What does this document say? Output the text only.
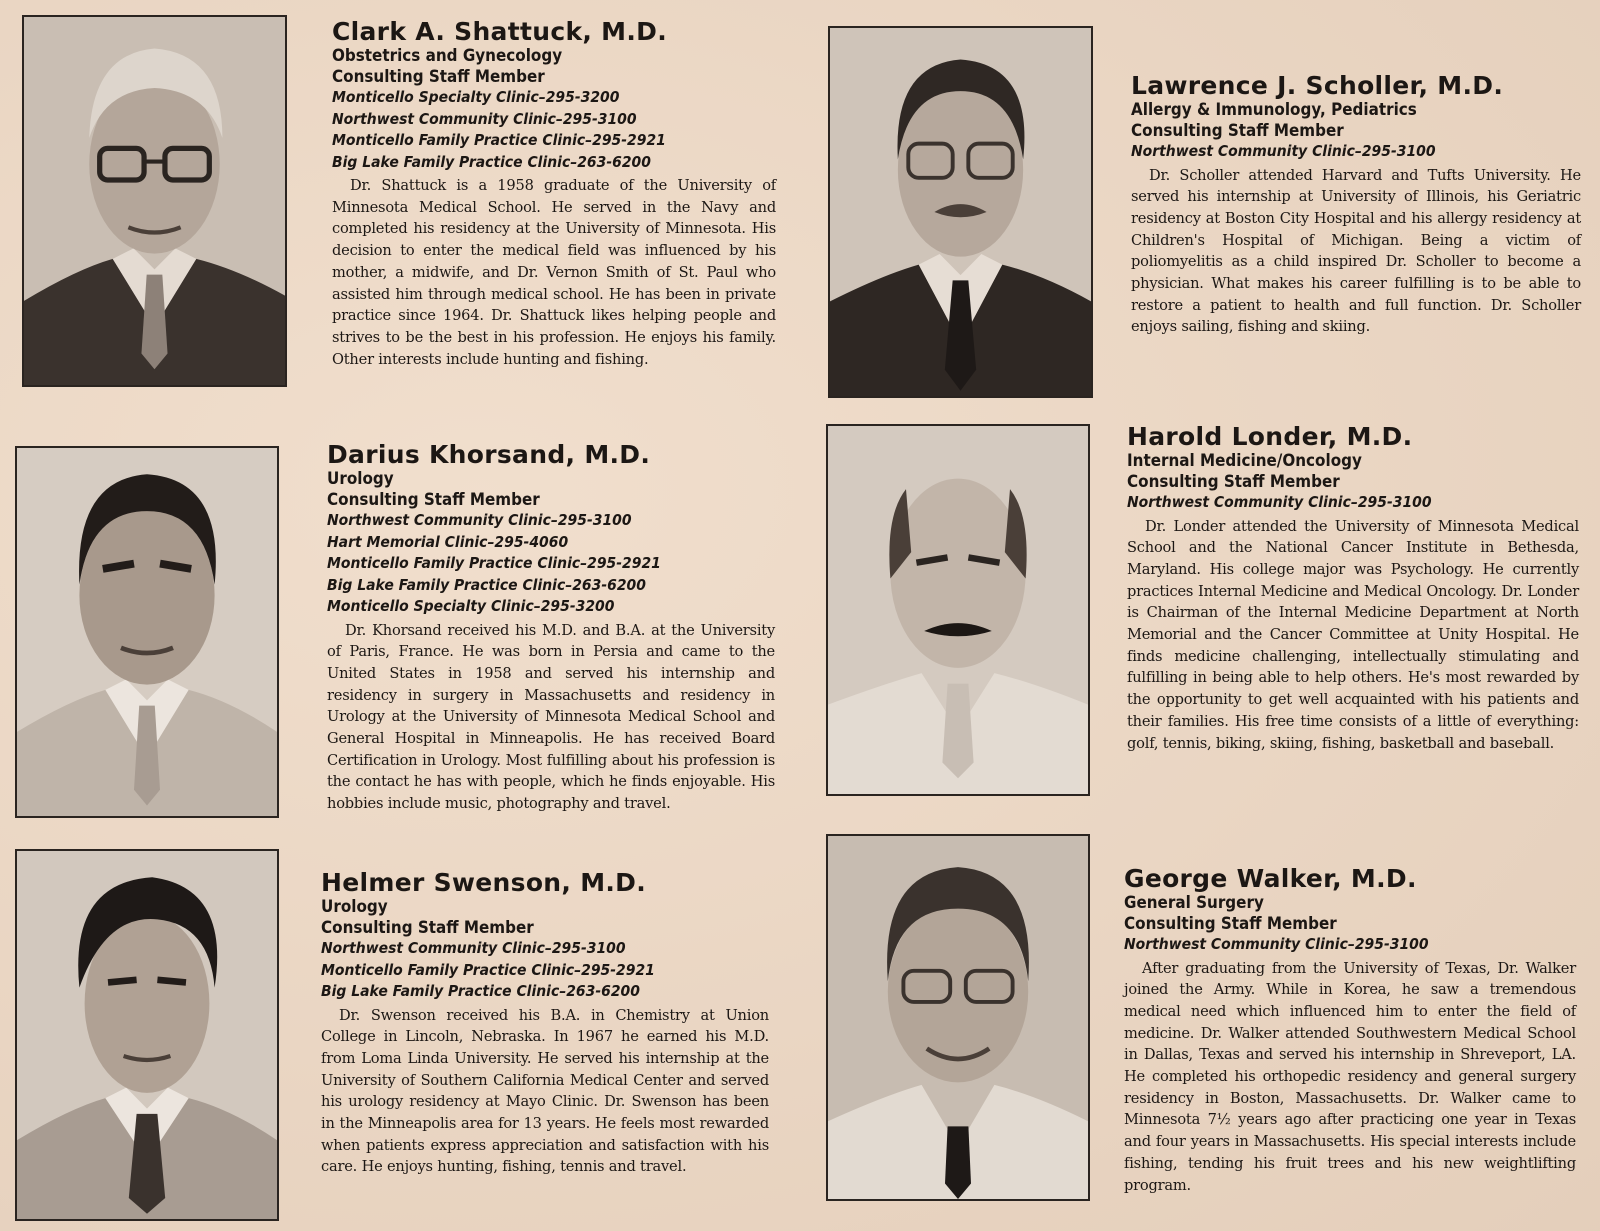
Clark A. Shattuck, M.D.
Obstetrics and Gynecology
Consulting Staff Member
Monticello Specialty Clinic–295-3200
Northwest Community Clinic–295-3100
Monticello Family Practice Clinic–295-2921
Big Lake Family Practice Clinic–263-6200
Dr. Shattuck is a 1958 graduate of the University of Minnesota Medical School. He served in the Navy and completed his residency at the University of Minnesota. His decision to enter the medical field was influenced by his mother, a midwife, and Dr. Vernon Smith of St. Paul who assisted him through medical school. He has been in private practice since 1964. Dr. Shattuck likes helping people and strives to be the best in his profession. He enjoys his family. Other interests include hunting and fishing.
Lawrence J. Scholler, M.D.
Allergy & Immunology, Pediatrics
Consulting Staff Member
Northwest Community Clinic–295-3100
Dr. Scholler attended Harvard and Tufts University. He served his internship at University of Illinois, his Geriatric residency at Boston City Hospital and his allergy residency at Children's Hospital of Michigan. Being a victim of poliomyelitis as a child inspired Dr. Scholler to become a physician. What makes his career fulfilling is to be able to restore a patient to health and full function. Dr. Scholler enjoys sailing, fishing and skiing.
Darius Khorsand, M.D.
Urology
Consulting Staff Member
Northwest Community Clinic–295-3100
Hart Memorial Clinic–295-4060
Monticello Family Practice Clinic–295-2921
Big Lake Family Practice Clinic–263-6200
Monticello Specialty Clinic–295-3200
Dr. Khorsand received his M.D. and B.A. at the University of Paris, France. He was born in Persia and came to the United States in 1958 and served his internship and residency in surgery in Massachusetts and residency in Urology at the University of Minnesota Medical School and General Hospital in Minneapolis. He has received Board Certification in Urology. Most fulfilling about his profession is the contact he has with people, which he finds enjoyable. His hobbies include music, photography and travel.
Harold Londer, M.D.
Internal Medicine/Oncology
Consulting Staff Member
Northwest Community Clinic–295-3100
Dr. Londer attended the University of Minnesota Medical School and the National Cancer Institute in Bethesda, Maryland. His college major was Psychology. He currently practices Internal Medicine and Medical Oncology. Dr. Londer is Chairman of the Internal Medicine Department at North Memorial and the Cancer Committee at Unity Hospital. He finds medicine challenging, intellectually stimulating and fulfilling in being able to help others. He's most rewarded by the opportunity to get well acquainted with his patients and their families. His free time consists of a little of everything: golf, tennis, biking, skiing, fishing, basketball and baseball.
Helmer Swenson, M.D.
Urology
Consulting Staff Member
Northwest Community Clinic–295-3100
Monticello Family Practice Clinic–295-2921
Big Lake Family Practice Clinic–263-6200
Dr. Swenson received his B.A. in Chemistry at Union College in Lincoln, Nebraska. In 1967 he earned his M.D. from Loma Linda University. He served his internship at the University of Southern California Medical Center and served his urology residency at Mayo Clinic. Dr. Swenson has been in the Minneapolis area for 13 years. He feels most rewarded when patients express appreciation and satisfaction with his care. He enjoys hunting, fishing, tennis and travel.
George Walker, M.D.
General Surgery
Consulting Staff Member
Northwest Community Clinic–295-3100
After graduating from the University of Texas, Dr. Walker joined the Army. While in Korea, he saw a tremendous medical need which influenced him to enter the field of medicine. Dr. Walker attended Southwestern Medical School in Dallas, Texas and served his internship in Shreveport, LA. He completed his orthopedic residency and general surgery residency in Boston, Massachusetts. Dr. Walker came to Minnesota 7½ years ago after practicing one year in Texas and four years in Massachusetts. His special interests include fishing, tending his fruit trees and his new weightlifting program.
